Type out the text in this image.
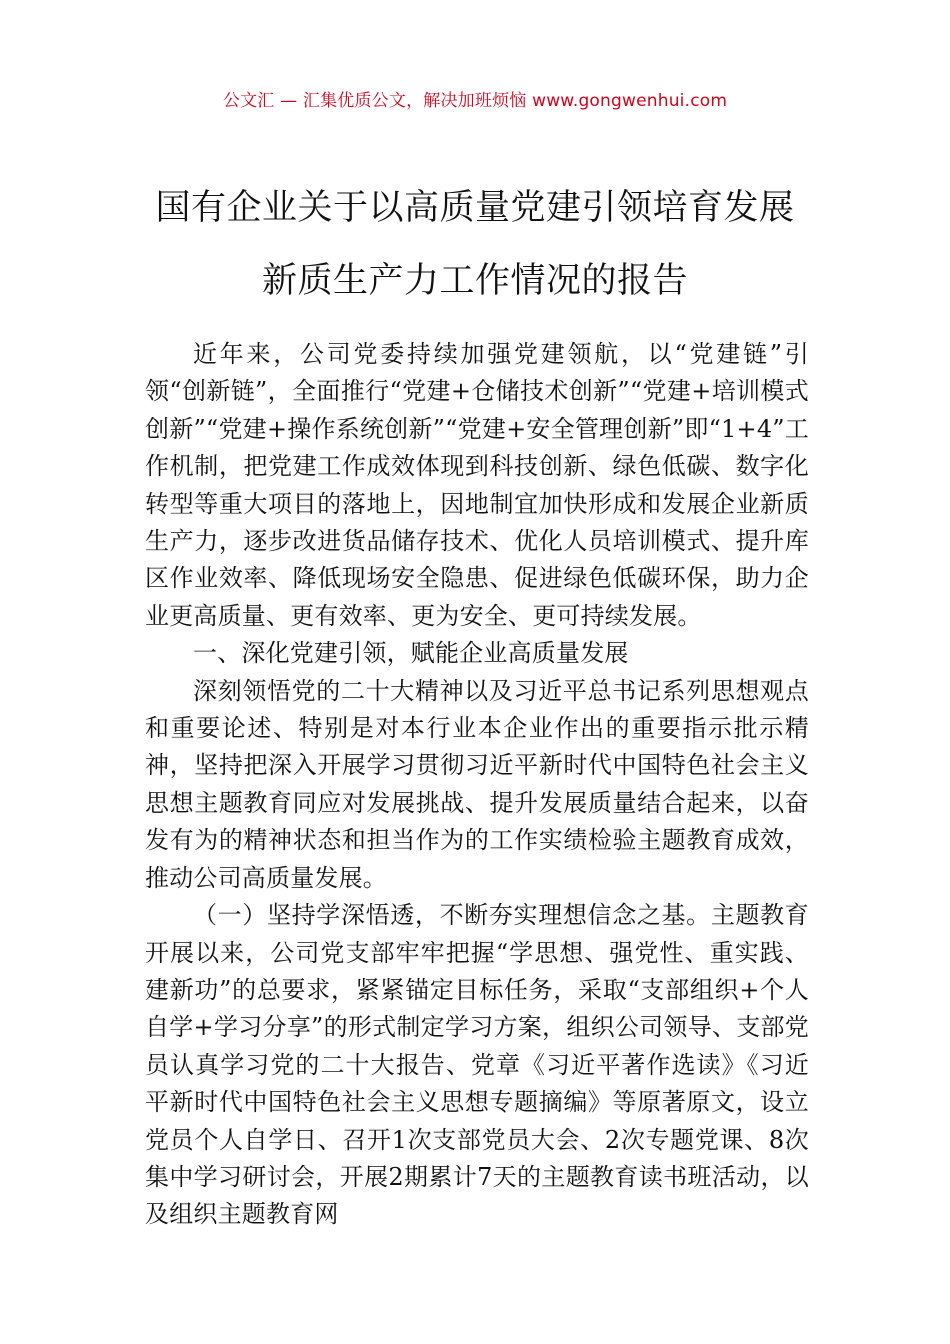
公文汇 — 汇集优质公文，解决加班烦恼 www.gongwenhui.com
国有企业关于以高质量党建引领培育发展
新质生产力工作情况的报告

近年来，公司党委持续加强党建领航，以“党建链”引领“创新链”，全面推行“党建+仓储技术创新”“党建+培训模式创新”“党建+操作系统创新”“党建+安全管理创新”即“1+4”工作机制，把党建工作成效体现到科技创新、绿色低碳、数字化转型等重大项目的落地上，因地制宜加快形成和发展企业新质生产力，逐步改进货品储存技术、优化人员培训模式、提升库区作业效率、降低现场安全隐患、促进绿色低碳环保，助力企业更高质量、更有效率、更为安全、更可持续发展。

一、深化党建引领，赋能企业高质量发展

深刻领悟党的二十大精神以及习近平总书记系列思想观点和重要论述、特别是对本行业本企业作出的重要指示批示精神，坚持把深入开展学习贯彻习近平新时代中国特色社会主义思想主题教育同应对发展挑战、提升发展质量结合起来，以奋发有为的精神状态和担当作为的工作实绩检验主题教育成效，推动公司高质量发展。

（一）坚持学深悟透，不断夯实理想信念之基。主题教育开展以来，公司党支部牢牢把握“学思想、强党性、重实践、建新功”的总要求，紧紧锚定目标任务，采取“支部组织+个人自学+学习分享”的形式制定学习方案，组织公司领导、支部党员认真学习党的二十大报告、党章《习近平著作选读》《习近平新时代中国特色社会主义思想专题摘编》等原著原文，设立党员个人自学日、召开1次支部党员大会、2次专题党课、8次集中学习研讨会，开展2期累计7天的主题教育读书班活动，以及组织主题教育网
